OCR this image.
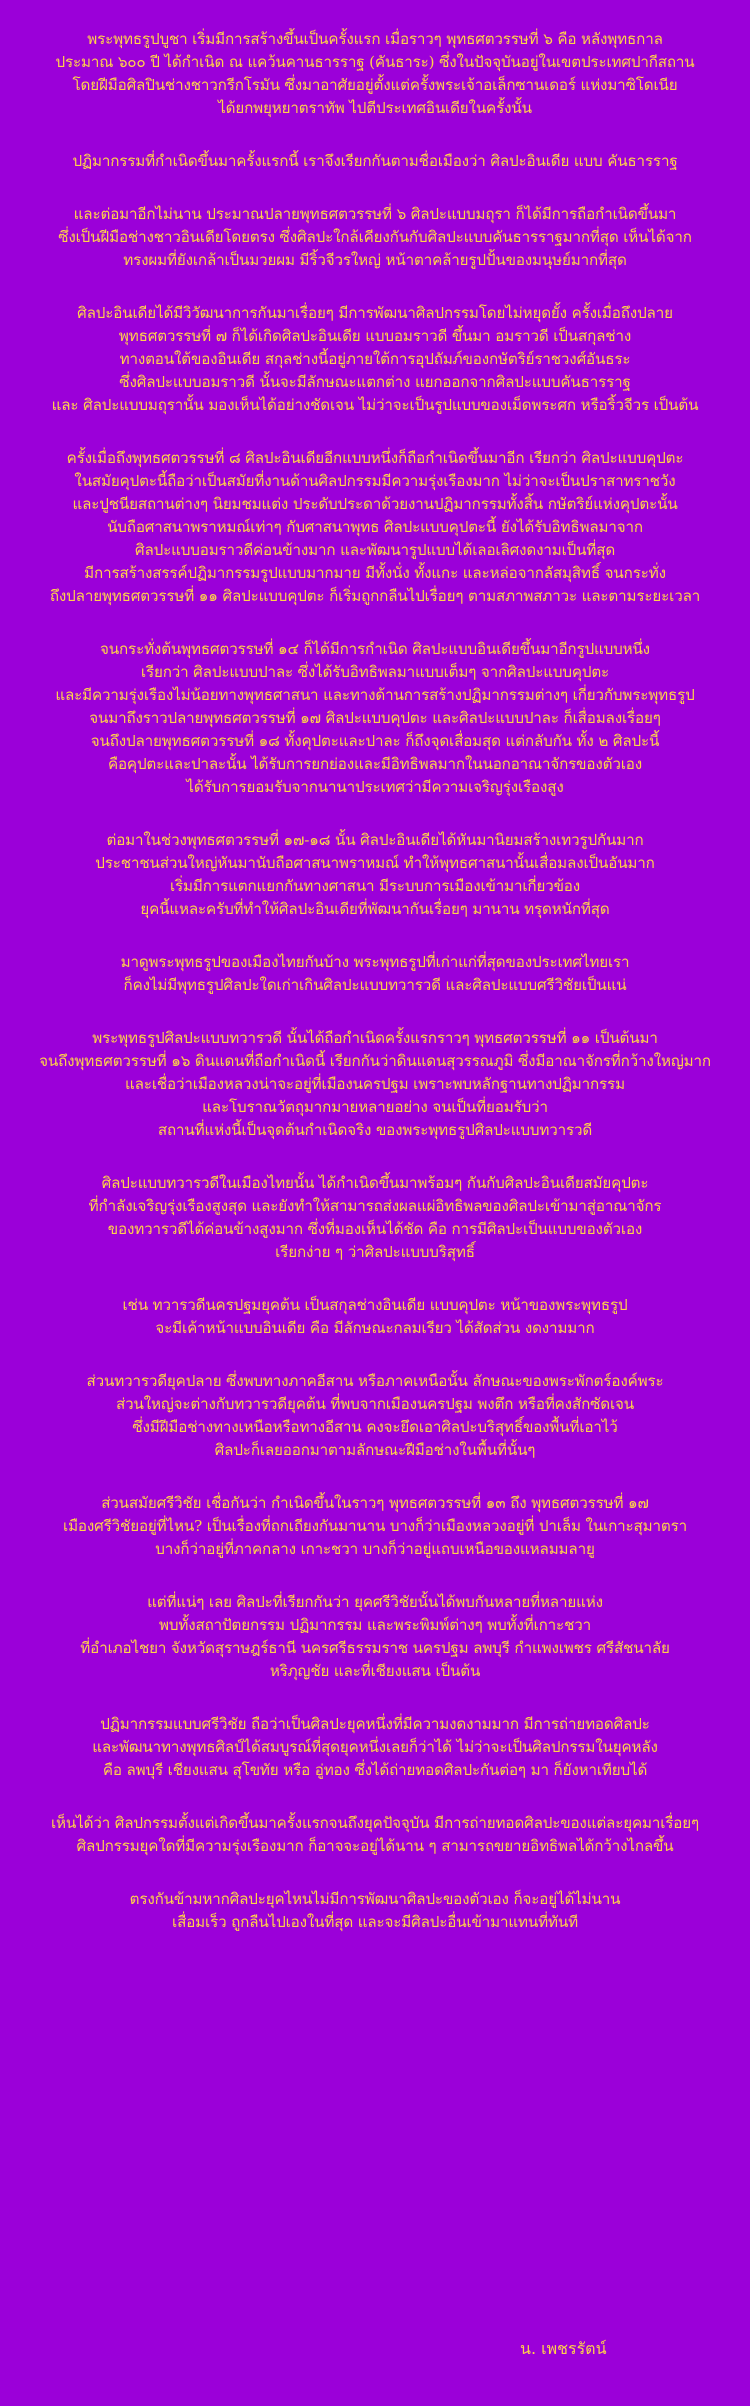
พระพุทธรูปบูชา เริ่มมีการสร้างขึ้นเป็นครั้งแรก เมื่อราวๆ พุทธศตวรรษที่ ๖ คือ หลังพุทธกาล
ประมาณ ๖๐๐ ปี ได้กำเนิด ณ แคว้นคานธารราฐ (คันธาระ) ซึ่งในปัจจุบันอยู่ในเขตประเทศปากีสถาน
โดยฝีมือศิลปินช่างชาวกรีกโรมัน ซึ่งมาอาศัยอยู่ตั้งแต่ครั้งพระเจ้าอเล็กซานเดอร์ แห่งมาซิโดเนีย
ได้ยกพยุหยาตราทัพ ไปตีประเทศอินเดียในครั้งนั้น

ปฏิมากรรมที่กำเนิดขึ้นมาครั้งแรกนี้ เราจึงเรียกกันตามชื่อเมืองว่า ศิลปะอินเดีย แบบ คันธารราฐ

และต่อมาอีกไม่นาน ประมาณปลายพุทธศตวรรษที่ ๖ ศิลปะแบบมถุรา ก็ได้มีการถือกำเนิดขึ้นมา
ซึ่งเป็นฝีมือช่างชาวอินเดียโดยตรง ซึ่งศิลปะใกล้เคียงกันกับศิลปะแบบคันธารราฐมากที่สุด เห็นได้จาก
ทรงผมที่ยังเกล้าเป็นมวยผม มีริ้วจีวรใหญ่ หน้าตาคล้ายรูปปั้นของมนุษย์มากที่สุด

ศิลปะอินเดียได้มีวิวัฒนาการกันมาเรื่อยๆ มีการพัฒนาศิลปกรรมโดยไม่หยุดยั้ง ครั้งเมื่อถึงปลาย
พุทธศตวรรษที่ ๗ ก็ได้เกิดศิลปะอินเดีย แบบอมราวดี ขึ้นมา อมราวดี เป็นสกุลช่าง
ทางตอนใต้ของอินเดีย สกุลช่างนี้อยู่ภายใต้การอุปถัมภ์ของกษัตริย์ราชวงศ์อันธระ
ซึ่งศิลปะแบบอมราวดี นั้นจะมีลักษณะแตกต่าง แยกออกจากศิลปะแบบคันธารราฐ
และ ศิลปะแบบมถุรานั้น มองเห็นได้อย่างชัดเจน ไม่ว่าจะเป็นรูปแบบของเม็ดพระศก หรือริ้วจีวร เป็นต้น

ครั้งเมื่อถึงพุทธศตวรรษที่ ๘ ศิลปะอินเดียอีกแบบหนึ่งก็ถือกำเนิดขึ้นมาอีก เรียกว่า ศิลปะแบบคุปตะ
ในสมัยคุปตะนี้ถือว่าเป็นสมัยที่งานด้านศิลปกรรมมีความรุ่งเรืองมาก ไม่ว่าจะเป็นปราสาทราชวัง
และปูชนียสถานต่างๆ นิยมชมแต่ง ประดับประดาด้วยงานปฏิมากรรมทั้งสิ้น กษัตริย์แห่งคุปตะนั้น
นับถือศาสนาพราหมณ์เท่าๆ กับศาสนาพุทธ ศิลปะแบบคุปตะนี้ ยังได้รับอิทธิพลมาจาก
ศิลปะแบบอมราวดีค่อนข้างมาก และพัฒนารูปแบบได้เลอเลิศงดงามเป็นที่สุด
มีการสร้างสรรค์ปฏิมากรรมรูปแบบมากมาย มีทั้งนั่ง ทั้งแกะ และหล่อจากลัสมุสิทธิ์ จนกระทั่ง
ถึงปลายพุทธศตวรรษที่ ๑๑ ศิลปะแบบคุปตะ ก็เริ่มถูกกลืนไปเรื่อยๆ ตามสภาพสภาวะ และตามระยะเวลา

จนกระทั่งต้นพุทธศตวรรษที่ ๑๔ ก็ได้มีการกำเนิด ศิลปะแบบอินเดียขึ้นมาอีกรูปแบบหนึ่ง
เรียกว่า ศิลปะแบบปาละ ซึ่งได้รับอิทธิพลมาแบบเต็มๆ จากศิลปะแบบคุปตะ
และมีความรุ่งเรืองไม่น้อยทางพุทธศาสนา และทางด้านการสร้างปฏิมากรรมต่างๆ เกี่ยวกับพระพุทธรูป
จนมาถึงราวปลายพุทธศตวรรษที่ ๑๗ ศิลปะแบบคุปตะ และศิลปะแบบปาละ ก็เสื่อมลงเรื่อยๆ
จนถึงปลายพุทธศตวรรษที่ ๑๘ ทั้งคุปตะและปาละ ก็ถึงจุดเสื่อมสุด แต่กลับกัน ทั้ง ๒ ศิลปะนี้
คือคุปตะและปาละนั้น ได้รับการยกย่องและมีอิทธิพลมากในนอกอาณาจักรของตัวเอง
ได้รับการยอมรับจากนานาประเทศว่ามีความเจริญรุ่งเรืองสูง

ต่อมาในช่วงพุทธศตวรรษที่ ๑๗-๑๘ นั้น ศิลปะอินเดียได้หันมานิยมสร้างเทวรูปกันมาก
ประชาชนส่วนใหญ่หันมานับถือศาสนาพราหมณ์ ทำให้พุทธศาสนานั้นเสื่อมลงเป็นอันมาก
เริ่มมีการแตกแยกกันทางศาสนา มีระบบการเมืองเข้ามาเกี่ยวข้อง
ยุคนี้แหละครับที่ทำให้ศิลปะอินเดียที่พัฒนากันเรื่อยๆ มานาน ทรุดหนักที่สุด

มาดูพระพุทธรูปของเมืองไทยกันบ้าง พระพุทธรูปที่เก่าแก่ที่สุดของประเทศไทยเรา
ก็คงไม่มีพุทธรูปศิลปะใดเก่าเกินศิลปะแบบทวารวดี และศิลปะแบบศรีวิชัยเป็นแน่

พระพุทธรูปศิลปะแบบทวารวดี นั้นได้ถือกำเนิดครั้งแรกราวๆ พุทธศตวรรษที่ ๑๑ เป็นต้นมา
จนถึงพุทธศตวรรษที่ ๑๖ ดินแดนที่ถือกำเนิดนี้ เรียกกันว่าดินแดนสุวรรณภูมิ ซึ่งมีอาณาจักรที่กว้างใหญ่มาก
และเชื่อว่าเมืองหลวงน่าจะอยู่ที่เมืองนครปฐม เพราะพบหลักฐานทางปฏิมากรรม
และโบราณวัตถุมากมายหลายอย่าง จนเป็นที่ยอมรับว่า
สถานที่แห่งนี้เป็นจุดต้นกำเนิดจริง ของพระพุทธรูปศิลปะแบบทวารวดี

ศิลปะแบบทวารวดีในเมืองไทยนั้น ได้กำเนิดขึ้นมาพร้อมๆ กันกับศิลปะอินเดียสมัยคุปตะ
ที่กำลังเจริญรุ่งเรืองสูงสุด และยังทำให้สามารถส่งผลแผ่อิทธิพลของศิลปะเข้ามาสู่อาณาจักร
ของทวารวดีได้ค่อนข้างสูงมาก ซึ่งที่มองเห็นได้ชัด คือ การมีศิลปะเป็นแบบของตัวเอง
เรียกง่าย ๆ ว่าศิลปะแบบบริสุทธิ์

เช่น ทวารวดีนครปฐมยุคต้น เป็นสกุลช่างอินเดีย แบบคุปตะ หน้าของพระพุทธรูป
จะมีเค้าหน้าแบบอินเดีย คือ มีลักษณะกลมเรียว ได้สัดส่วน งดงามมาก

ส่วนทวารวดียุคปลาย ซึ่งพบทางภาคอีสาน หรือภาคเหนือนั้น ลักษณะของพระพักตร์องค์พระ
ส่วนใหญ่จะต่างกับทวารวดียุคต้น ที่พบจากเมืองนครปฐม พงตึก หรือที่คงสักซัดเจน
ซึ่งมีฝีมือช่างทางเหนือหรือทางอีสาน คงจะยึดเอาศิลปะบริสุทธิ์ของพื้นที่เอาไว้
ศิลปะก็เลยออกมาตามลักษณะฝีมือช่างในพื้นที่นั้นๆ

ส่วนสมัยศรีวิชัย เชื่อกันว่า กำเนิดขึ้นในราวๆ พุทธศตวรรษที่ ๑๓ ถึง พุทธศตวรรษที่ ๑๗
เมืองศรีวิชัยอยู่ที่ไหน? เป็นเรื่องที่ถกเถียงกันมานาน บางก็ว่าเมืองหลวงอยู่ที่ ปาเล็ม ในเกาะสุมาตรา
บางก็ว่าอยู่ที่ภาคกลาง เกาะชวา บางก็ว่าอยู่แถบเหนือของแหลมมลายู

แต่ที่แน่ๆ เลย ศิลปะที่เรียกกันว่า ยุคศรีวิชัยนั้นได้พบกันหลายที่หลายแห่ง
พบทั้งสถาปัตยกรรม ปฏิมากรรม และพระพิมพ์ต่างๆ พบทั้งที่เกาะชวา
ที่อำเภอไชยา จังหวัดสุราษฎร์ธานี นครศรีธรรมราช นครปฐม ลพบุรี กำแพงเพชร ศรีสัชนาลัย
หริภุญชัย และที่เชียงแสน เป็นต้น

ปฏิมากรรมแบบศรีวิชัย ถือว่าเป็นศิลปะยุคหนึ่งที่มีความงดงามมาก มีการถ่ายทอดศิลปะ
และพัฒนาทางพุทธศิลป์ได้สมบูรณ์ที่สุดยุคหนึ่งเลยก็ว่าได้ ไม่ว่าจะเป็นศิลปกรรมในยุคหลัง
คือ ลพบุรี เชียงแสน สุโขทัย หรือ อู่ทอง ซึ่งได้ถ่ายทอดศิลปะกันต่อๆ มา ก็ยังหาเทียบได้

เห็นได้ว่า ศิลปกรรมตั้งแต่เกิดขึ้นมาครั้งแรกจนถึงยุคปัจจุบัน มีการถ่ายทอดศิลปะของแต่ละยุคมาเรื่อยๆ
ศิลปกรรมยุคใดที่มีความรุ่งเรืองมาก ก็อาจจะอยู่ได้นาน ๆ สามารถขยายอิทธิพลได้กว้างไกลขึ้น

ตรงกันข้ามหากศิลปะยุคไหนไม่มีการพัฒนาศิลปะของตัวเอง ก็จะอยู่ได้ไม่นาน
เสื่อมเร็ว ถูกลืนไปเองในที่สุด และจะมีศิลปะอื่นเข้ามาแทนที่ทันที

น. เพชรรัตน์
